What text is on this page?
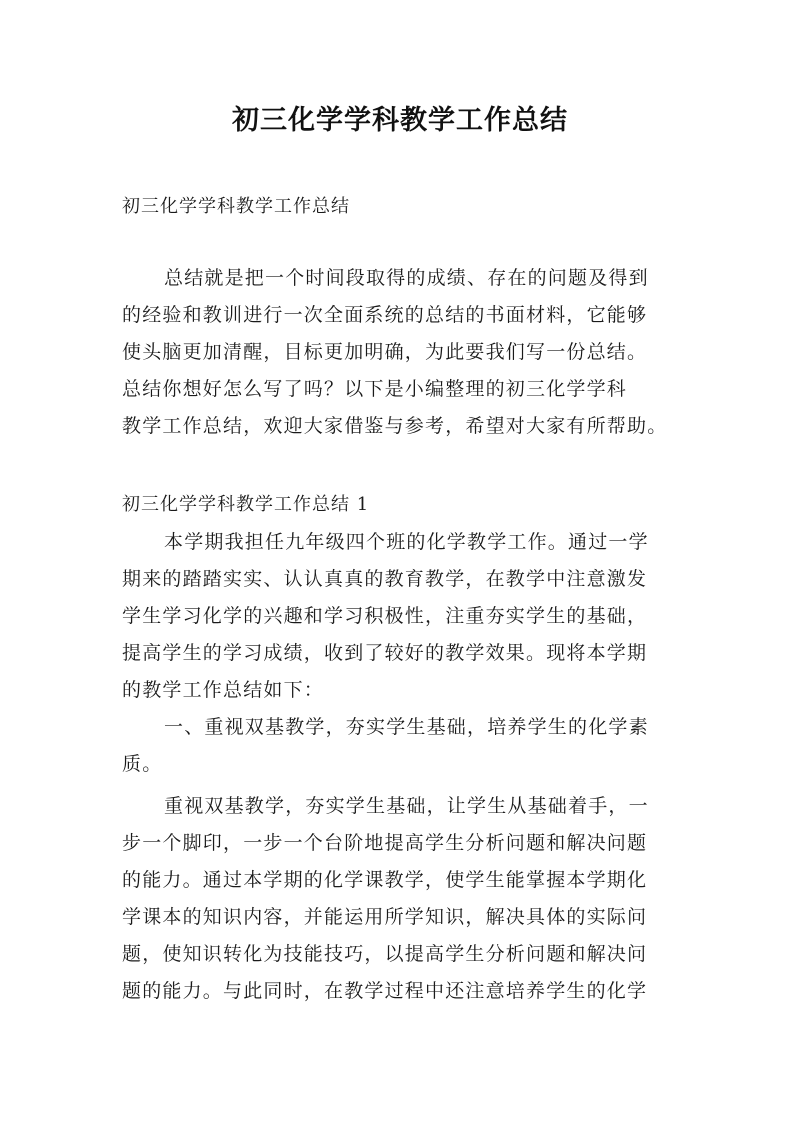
初三化学学科教学工作总结
初三化学学科教学工作总结
总结就是把一个时间段取得的成绩、存在的问题及得到
的经验和教训进行一次全面系统的总结的书面材料，它能够
使头脑更加清醒，目标更加明确，为此要我们写一份总结。
总结你想好怎么写了吗？以下是小编整理的初三化学学科
教学工作总结，欢迎大家借鉴与参考，希望对大家有所帮助。
初三化学学科教学工作总结 1
本学期我担任九年级四个班的化学教学工作。通过一学
期来的踏踏实实、认认真真的教育教学，在教学中注意激发
学生学习化学的兴趣和学习积极性，注重夯实学生的基础，
提高学生的学习成绩，收到了较好的教学效果。现将本学期
的教学工作总结如下：
一、重视双基教学，夯实学生基础，培养学生的化学素
质。
重视双基教学，夯实学生基础，让学生从基础着手，一
步一个脚印，一步一个台阶地提高学生分析问题和解决问题
的能力。通过本学期的化学课教学，使学生能掌握本学期化
学课本的知识内容，并能运用所学知识，解决具体的实际问
题，使知识转化为技能技巧，以提高学生分析问题和解决问
题的能力。与此同时，在教学过程中还注意培养学生的化学
